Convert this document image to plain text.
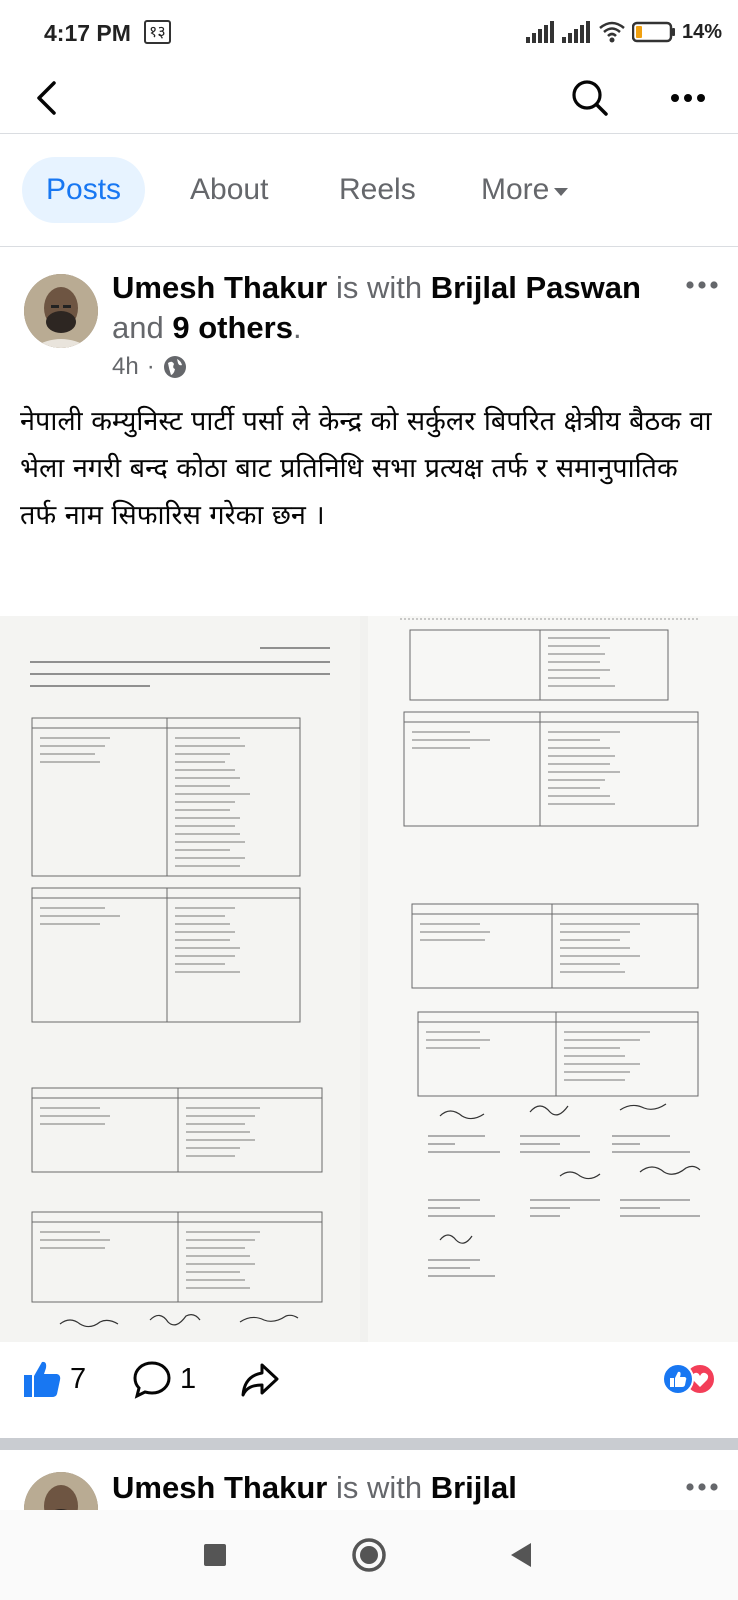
4:17 PM	१३	14%
Posts About Reels More
Umesh Thakur is with Brijlal Paswan and 9 others.
4h ·
नेपाली कम्युनिस्ट पार्टी पर्सा ले केन्द्र को सर्कुलर बिपरित क्षेत्रीय बैठक वा भेला नगरी बन्द कोठा बाट प्रतिनिधि सभा प्रत्यक्ष तर्फ र समानुपातिक तर्फ नाम सिफारिस गरेका छन ।
7	1
Umesh Thakur is with Brijlal
